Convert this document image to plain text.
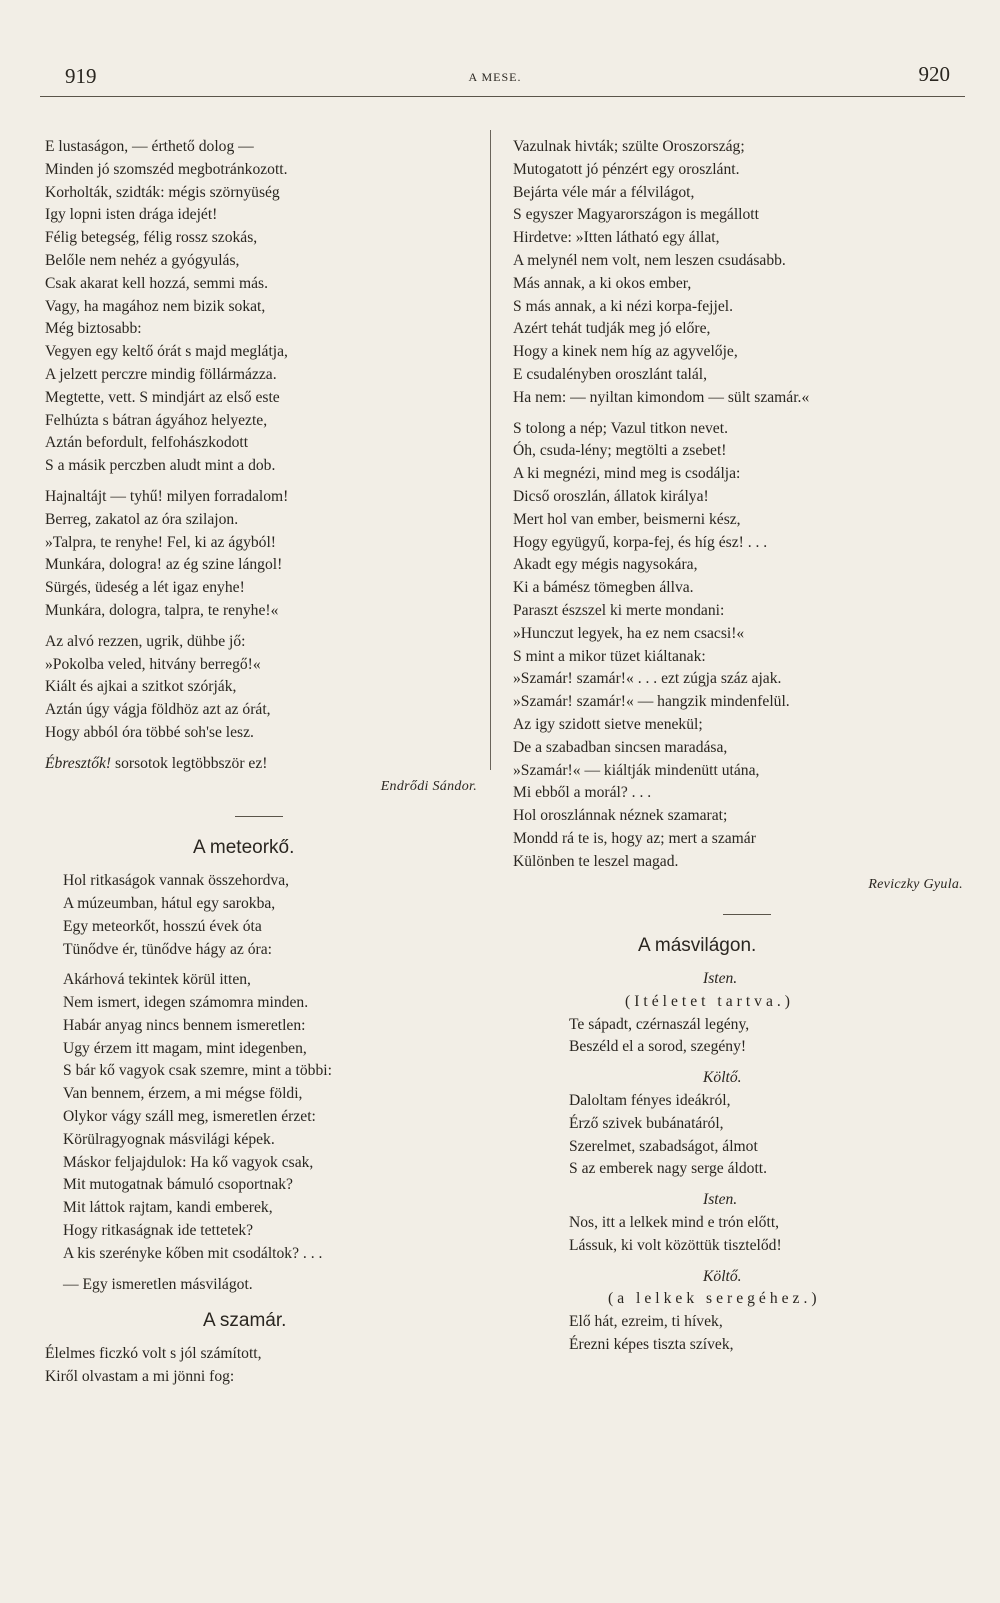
919	A MESE.	920
E lustaságon, — érthető dolog —
Minden jó szomszéd megbotránkozott.
Korholták, szidták: mégis szörnyüség
Igy lopni isten drága idejét!
Félig betegség, félig rossz szokás,
Belőle nem nehéz a gyógyulás,
Csak akarat kell hozzá, semmi más.
Vagy, ha magához nem bizik sokat,
Még biztosabb:
Vegyen egy keltő órát s majd meglátja,
A jelzett perczre mindig föllármázza.
Megtette, vett. S mindjárt az első este
Felhúzta s bátran ágyához helyezte,
Aztán befordult, felfohászkodott
S a másik perczben aludt mint a dob.
Hajnaltájt — tyhű! milyen forradalom!
Berreg, zakatol az óra szilajon.
»Talpra, te renyhe! Fel, ki az ágyból!
Munkára, dologra! az ég szine lángol!
Sürgés, üdeség a lét igaz enyhe!
Munkára, dologra, talpra, te renyhe!«
Az alvó rezzen, ugrik, dühbe jő:
»Pokolba veled, hitvány berregő!«
Kiált és ajkai a szitkot szórják,
Aztán úgy vágja földhöz azt az órát,
Hogy abból óra többé soh'se lesz.
Ébresztők! sorsotok legtöbbször ez!
Endrődi Sándor.
A meteorkő.
Hol ritkaságok vannak összehordva,
A múzeumban, hátul egy sarokba,
Egy meteorkőt, hosszú évek óta
Tünődve ér, tünődve hágy az óra:
Akárhová tekintek körül itten,
Nem ismert, idegen számomra minden.
Habár anyag nincs bennem ismeretlen:
Ugy érzem itt magam, mint idegenben,
S bár kő vagyok csak szemre, mint a többi:
Van bennem, érzem, a mi mégse földi,
Olykor vágy száll meg, ismeretlen érzet:
Körülragyognak másvilági képek.
Máskor feljajdulok: Ha kő vagyok csak,
Mit mutogatnak bámuló csoportnak?
Mit láttok rajtam, kandi emberek,
Hogy ritkaságnak ide tettetek?
A kis szerényke kőben mit csodáltok? . . .
— Egy ismeretlen másvilágot.
A szamár.
Élelmes ficzkó volt s jól számított,
Kiről olvastam a mi jönni fog:
Vazulnak hivták; szülte Oroszország;
Mutogatott jó pénzért egy oroszlánt.
Bejárta véle már a félvilágot,
S egyszer Magyarországon is megállott
Hirdetve: »Itten látható egy állat,
A melynél nem volt, nem leszen csudásabb.
Más annak, a ki okos ember,
S más annak, a ki nézi korpa-fejjel.
Azért tehát tudják meg jó előre,
Hogy a kinek nem híg az agyvelője,
E csudalényben oroszlánt talál,
Ha nem: — nyiltan kimondom — sült szamár.«
S tolong a nép; Vazul titkon nevet.
Óh, csuda-lény; megtölti a zsebet!
A ki megnézi, mind meg is csodálja:
Dicső oroszlán, állatok királya!
Mert hol van ember, beismerni kész,
Hogy együgyű, korpa-fej, és híg ész! . . .
Akadt egy mégis nagysokára,
Ki a bámész tömegben állva.
Paraszt észszel ki merte mondani:
»Hunczut legyek, ha ez nem csacsi!«
S mint a mikor tüzet kiáltanak:
»Szamár! szamár!« . . . ezt zúgja száz ajak.
»Szamár! szamár!« — hangzik mindenfelül.
Az igy szidott sietve menekül;
De a szabadban sincsen maradása,
»Szamár!« — kiáltják mindenütt utána,
Mi ebből a morál? . . .
Hol oroszlánnak néznek szamarat;
Mondd rá te is, hogy az; mert a szamár
Különben te leszel magad.
Reviczky Gyula.
A másvilágon.
Isten.
(Itéletet tartva.)
Te sápadt, czérnaszál legény,
Beszéld el a sorod, szegény!
Költő.
Daloltam fényes ideákról,
Érző szivek bubánatáról,
Szerelmet, szabadságot, álmot
S az emberek nagy serge áldott.
Isten.
Nos, itt a lelkek mind e trón előtt,
Lássuk, ki volt közöttük tisztelőd!
Költő.
(a lelkek seregéhez.)
Elő hát, ezreim, ti hívek,
Érezni képes tiszta szívek,
